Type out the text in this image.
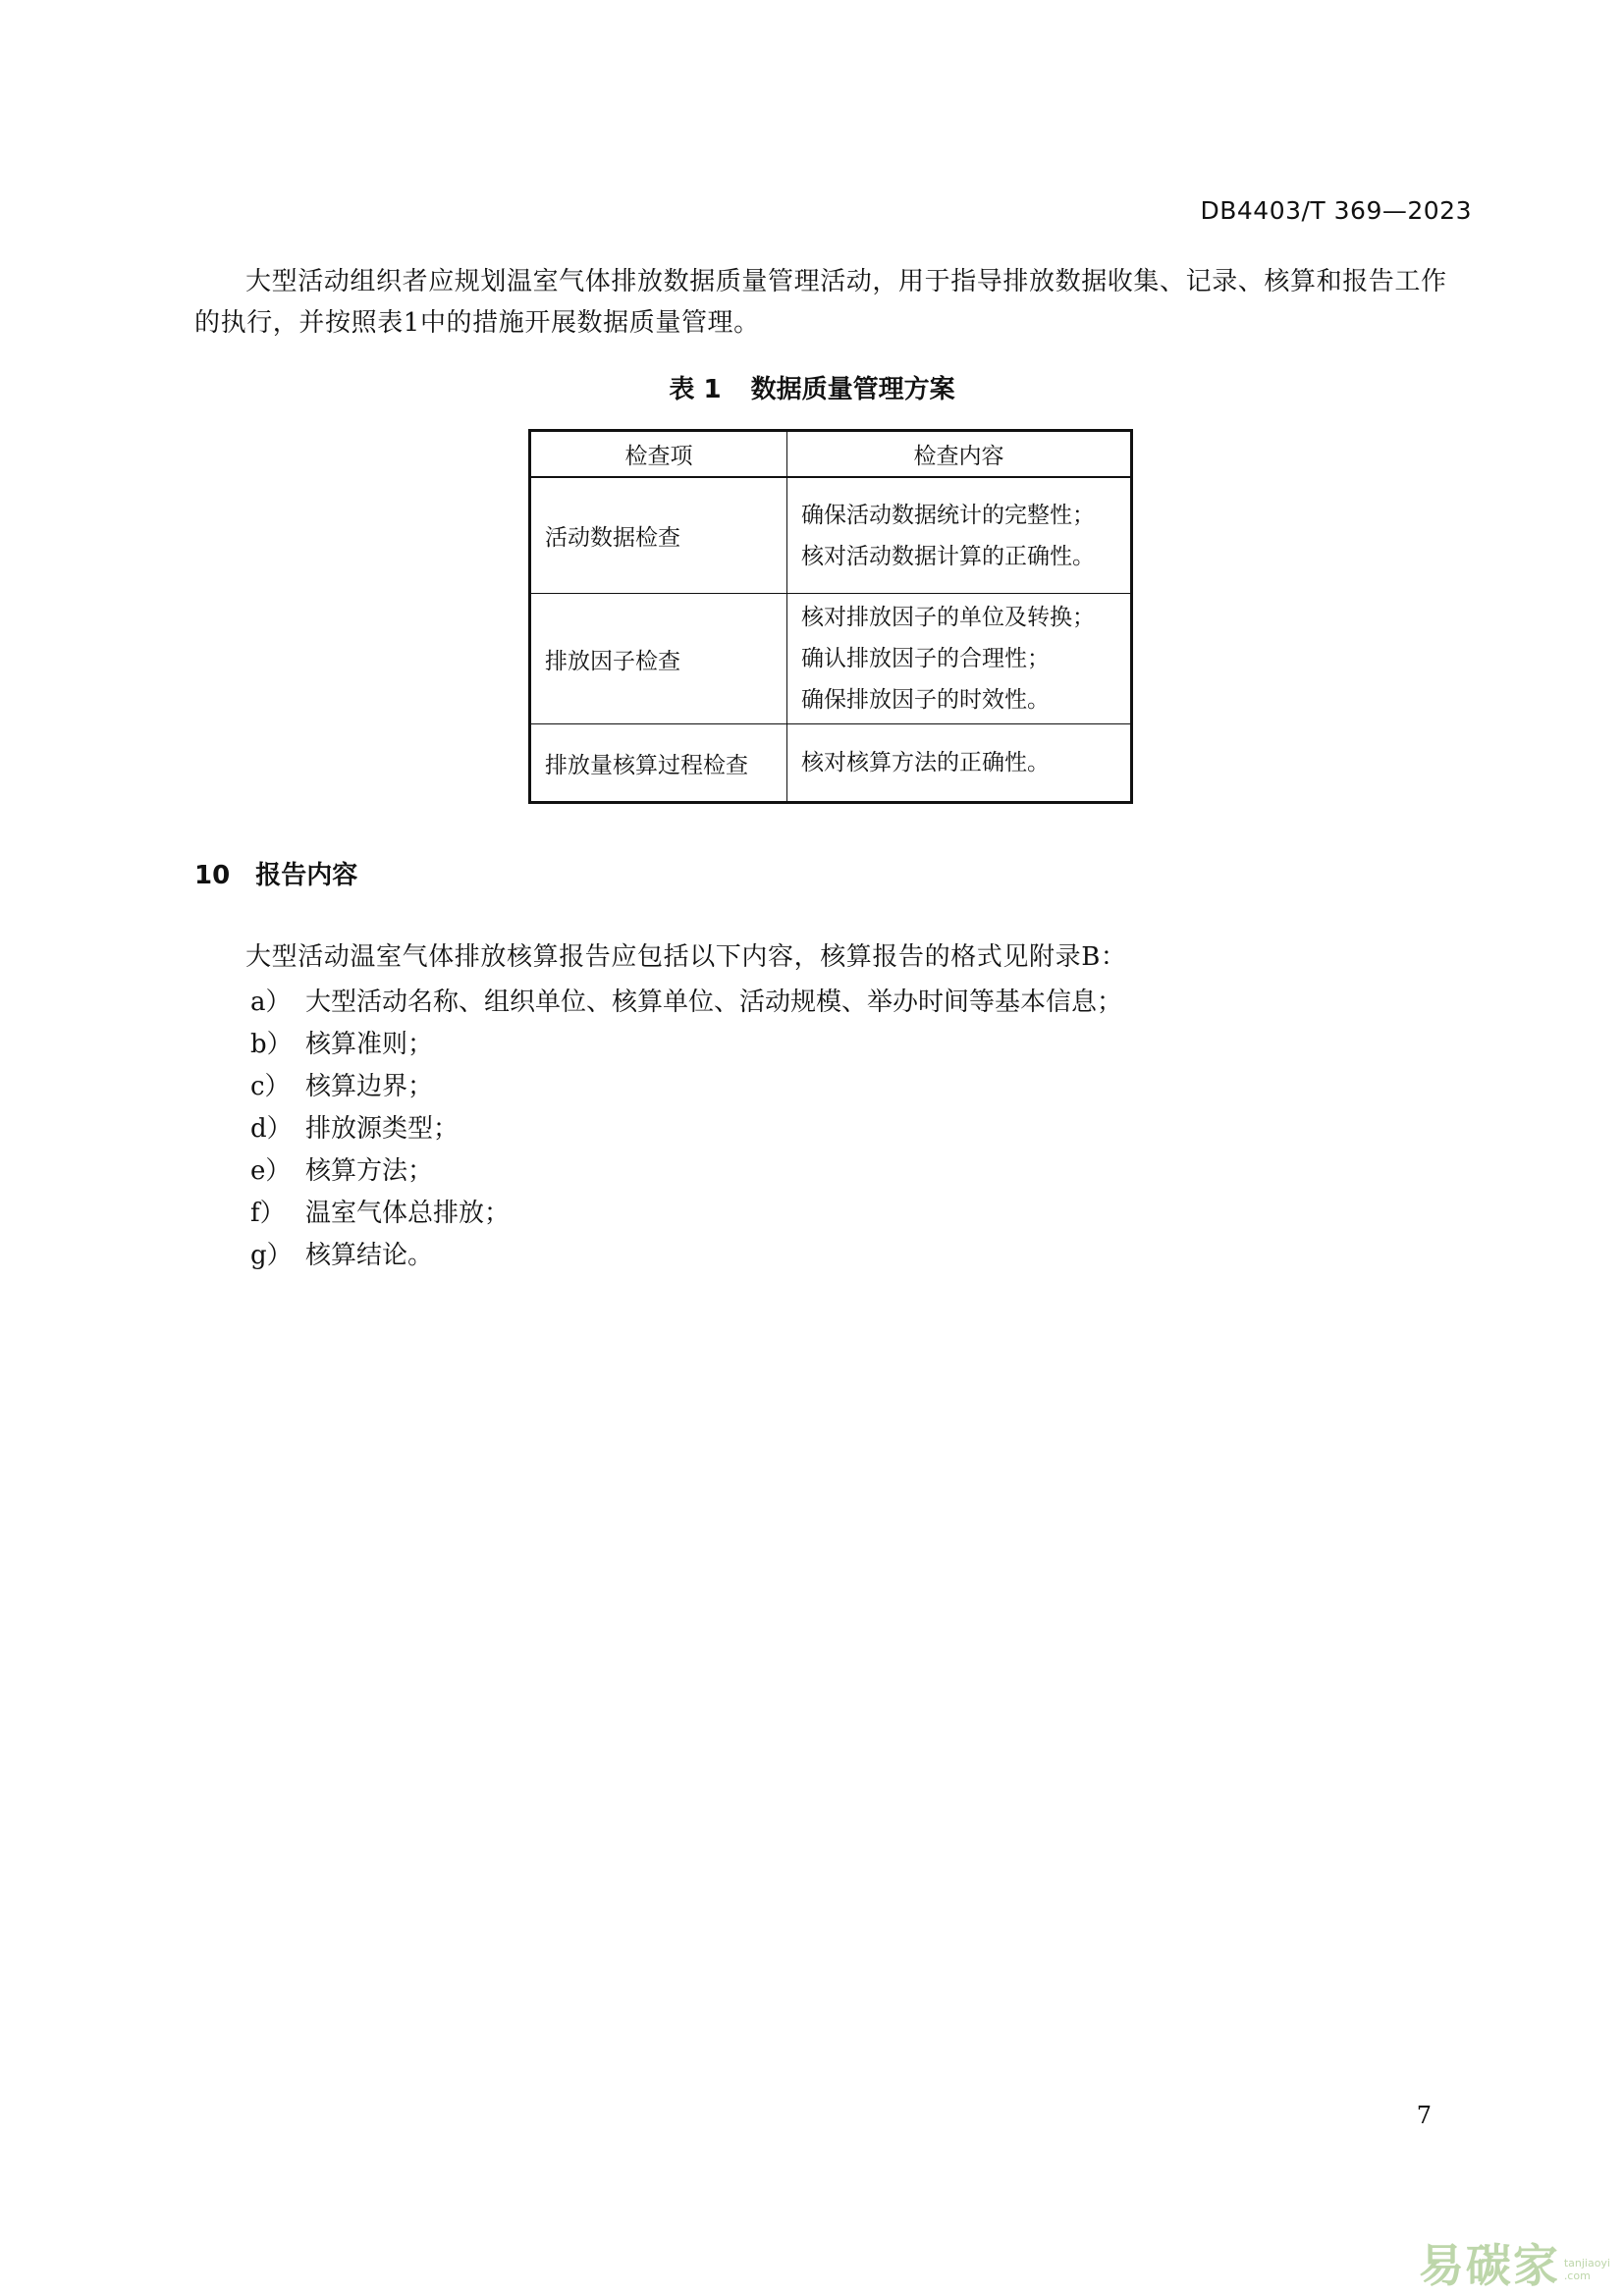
DB4403/T 369—2023

大型活动组织者应规划温室气体排放数据质量管理活动，用于指导排放数据收集、记录、核算和报告工作的执行，并按照表1中的措施开展数据质量管理。

表 1 数据质量管理方案
检查项	检查内容
活动数据检查	确保活动数据统计的完整性；
核对活动数据计算的正确性。

排放因子检查	核对排放因子的单位及转换；
确认排放因子的合理性；
确保排放因子的时效性。

排放量核算过程检查	核对核算方法的正确性。
10 报告内容

大型活动温室气体排放核算报告应包括以下内容，核算报告的格式见附录B：

a） 大型活动名称、组织单位、核算单位、活动规模、举办时间等基本信息；
b） 核算准则；
c） 核算边界；
d） 排放源类型；
e） 核算方法；
f） 温室气体总排放；
g） 核算结论。
7
易碳家 tanjiaoyi
.com
